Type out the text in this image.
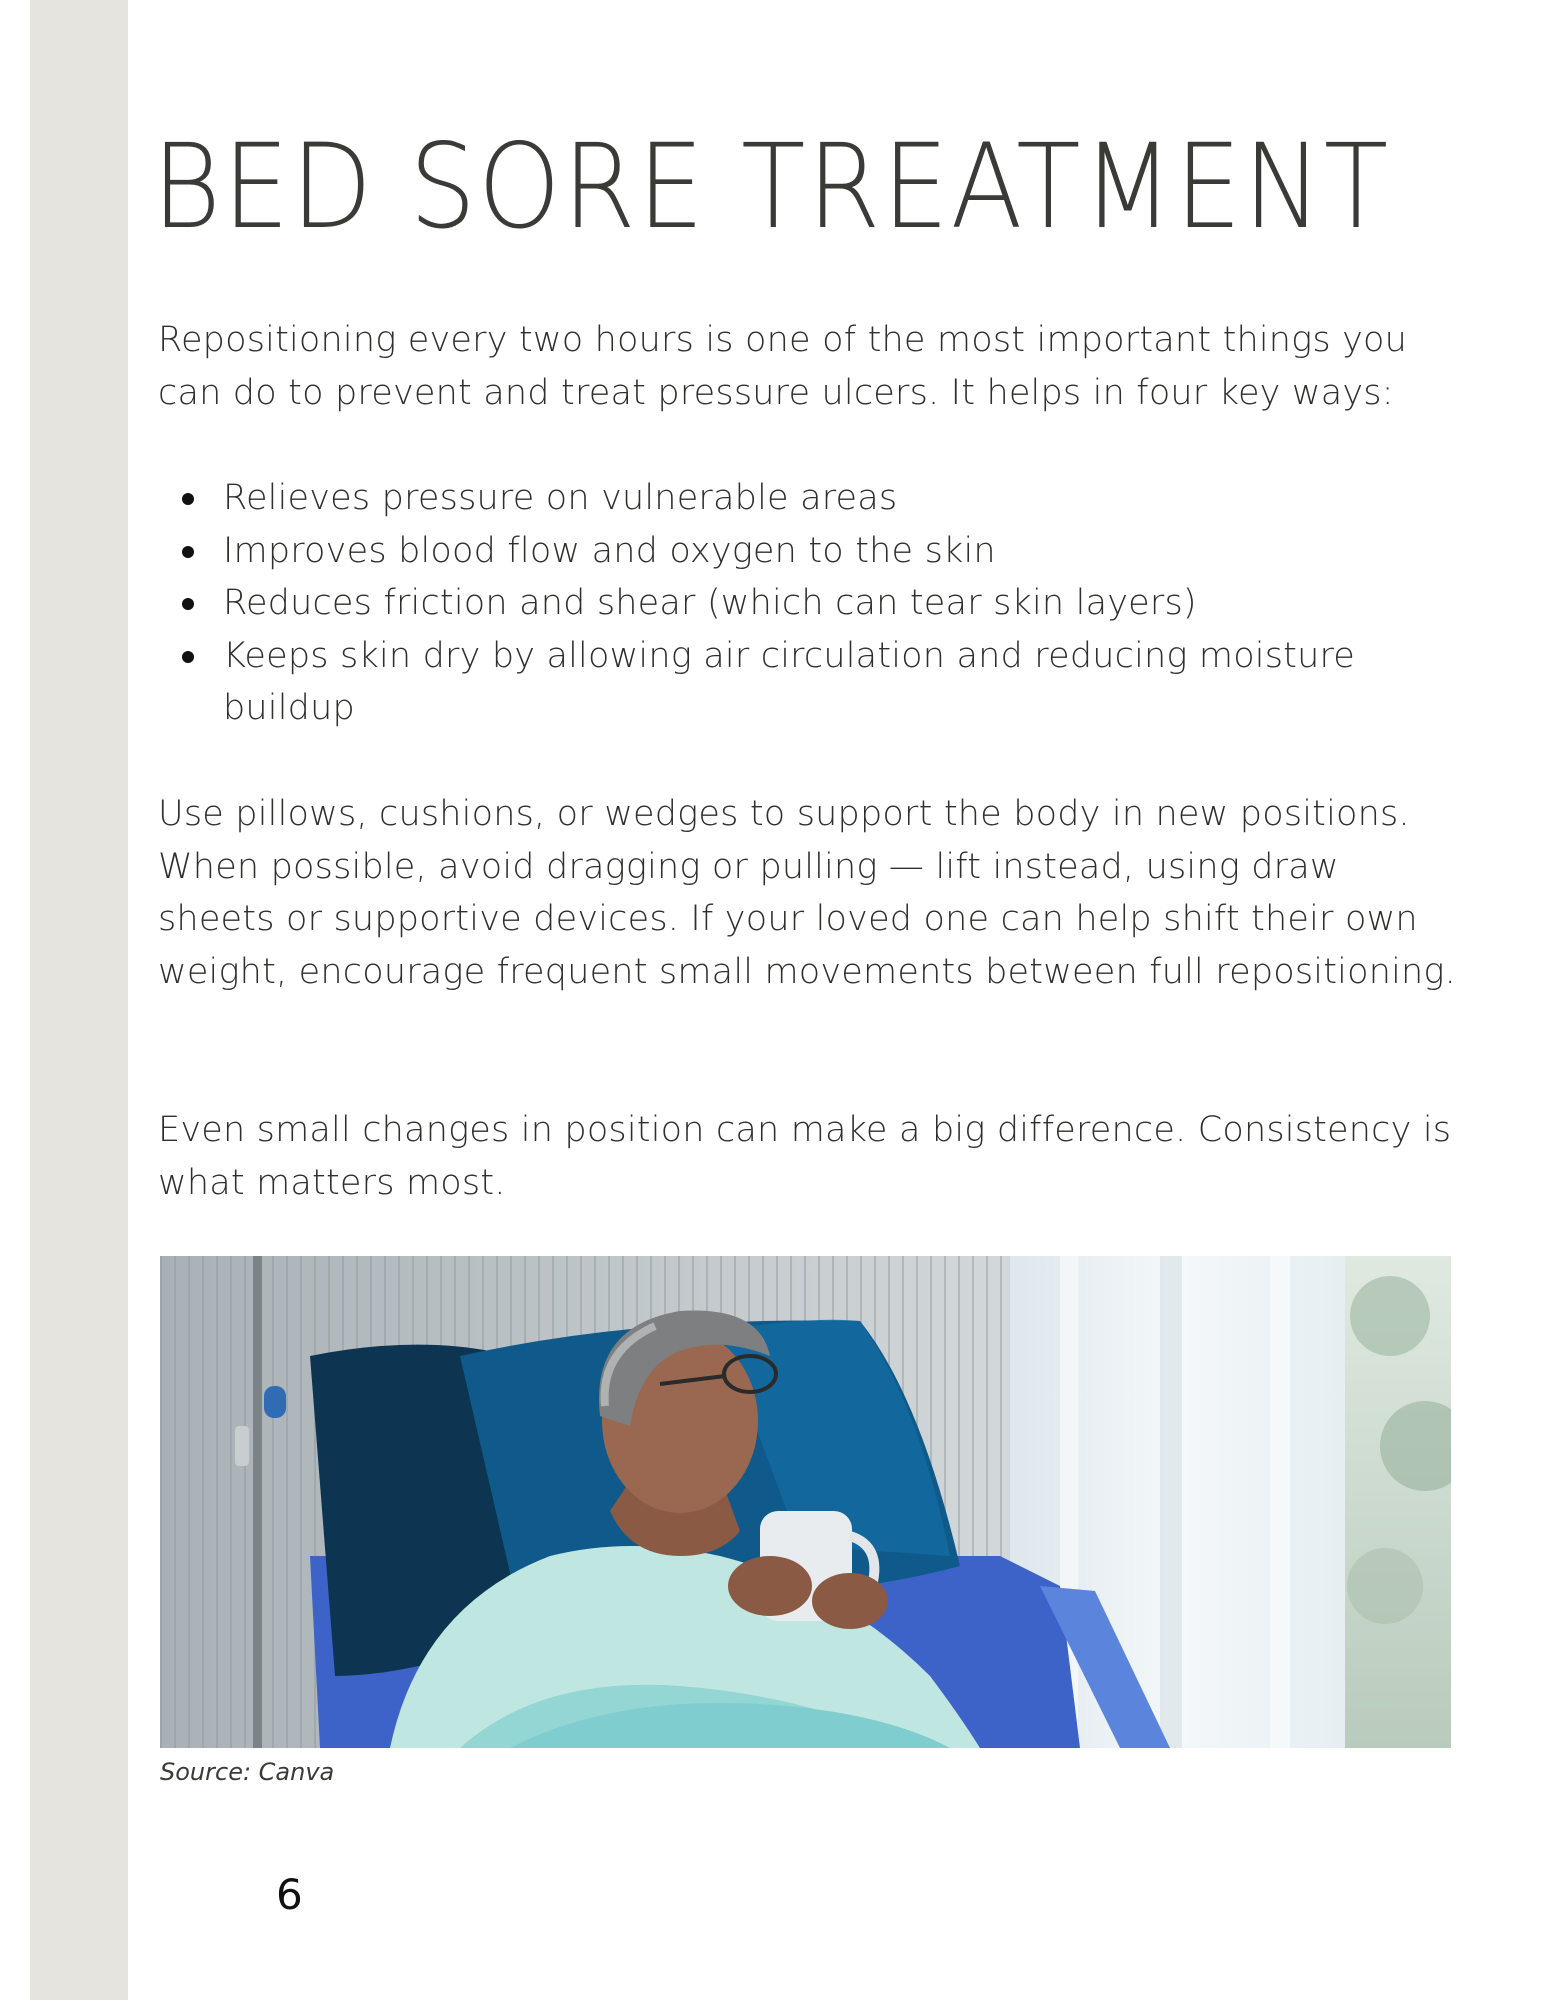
BED SORE TREATMENT

Repositioning every two hours is one of the most important things you can do to prevent and treat pressure ulcers. It helps in four key ways:

Relieves pressure on vulnerable areas
Improves blood flow and oxygen to the skin
Reduces friction and shear (which can tear skin layers)
Keeps skin dry by allowing air circulation and reducing moisture buildup

Use pillows, cushions, or wedges to support the body in new positions. When possible, avoid dragging or pulling — lift instead, using draw sheets or supportive devices. If your loved one can help shift their own weight, encourage frequent small movements between full repositioning.

Even small changes in position can make a big difference. Consistency is what matters most.

Source: Canva

6
